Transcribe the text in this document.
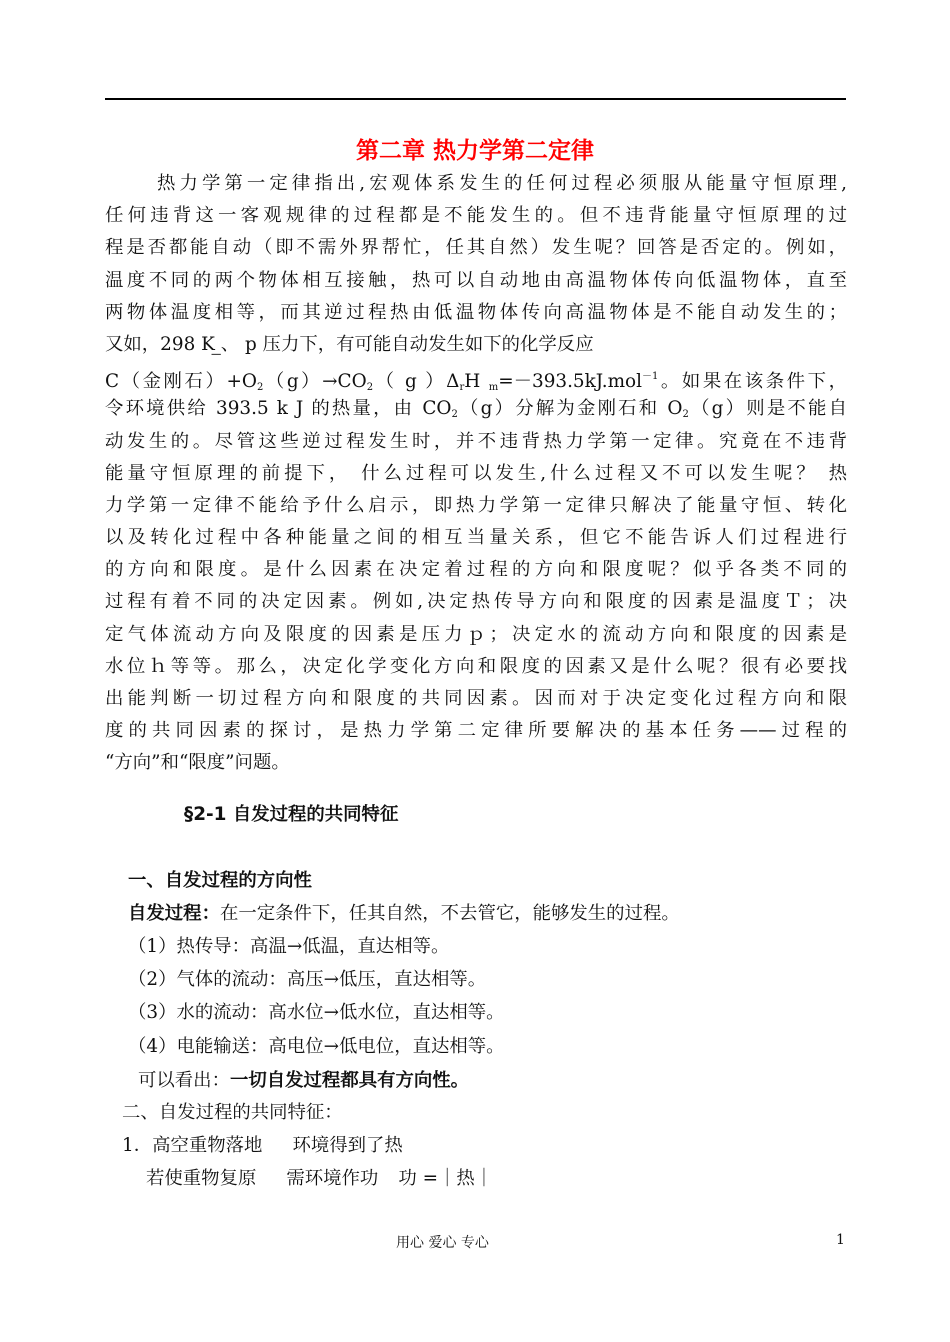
第二章 热力学第二定律
热力学第一定律指出,宏观体系发生的任何过程必须服从能量守恒原理,
任何违背这一客观规律的过程都是不能发生的。但不违背能量守恒原理的过
程是否都能自动（即不需外界帮忙，任其自然）发生呢？回答是否定的。例如，
温度不同的两个物体相互接触，热可以自动地由高温物体传向低温物体，直至
两物体温度相等，而其逆过程热由低温物体传向高温物体是不能自动发生的；
又如，298 K ̲̲、 p 压力下，有可能自动发生如下的化学反应
C（金刚石）$+O_2(g)\to CO_2$（ g ）$\Delta_rH$ $_m$=－393.5kJ.mol$^{-1}$。如果在该条件下，
令环境供给 393.5 k J 的热量，由 $CO_2(g)$分解为金刚石和 $O_2(g)$则是不能自
动发生的。尽管这些逆过程发生时，并不违背热力学第一定律。究竟在不违背
能量守恒原理的前提下， 什么过程可以发生,什么过程又不可以发生呢？ 热
力学第一定律不能给予什么启示，即热力学第一定律只解决了能量守恒、转化
以及转化过程中各种能量之间的相互当量关系，但它不能告诉人们过程进行
的方向和限度。是什么因素在决定着过程的方向和限度呢？似乎各类不同的
过程有着不同的决定因素。例如,决定热传导方向和限度的因素是温度Ｔ；决
定气体流动方向及限度的因素是压力ｐ；决定水的流动方向和限度的因素是
水位ｈ等等。那么，决定化学变化方向和限度的因素又是什么呢？很有必要找
出能判断一切过程方向和限度的共同因素。因而对于决定变化过程方向和限
度的共同因素的探讨，是热力学第二定律所要解决的基本任务——过程的
“方向”和“限度”问题。
§2-1 自发过程的共同特征
一、自发过程的方向性
自发过程：在一定条件下，任其自然，不去管它，能够发生的过程。
（1）热传导：高温→低温，直达相等。
（2）气体的流动：高压→低压，直达相等。
（3）水的流动：高水位→低水位，直达相等。
（4）电能输送：高电位→低电位，直达相等。
可以看出：一切自发过程都具有方向性。
二、自发过程的共同特征：
1．高空重物落地 环境得到了热
若使重物复原 需环境作功 功 =｜热｜
用心 爱心 专心	1
